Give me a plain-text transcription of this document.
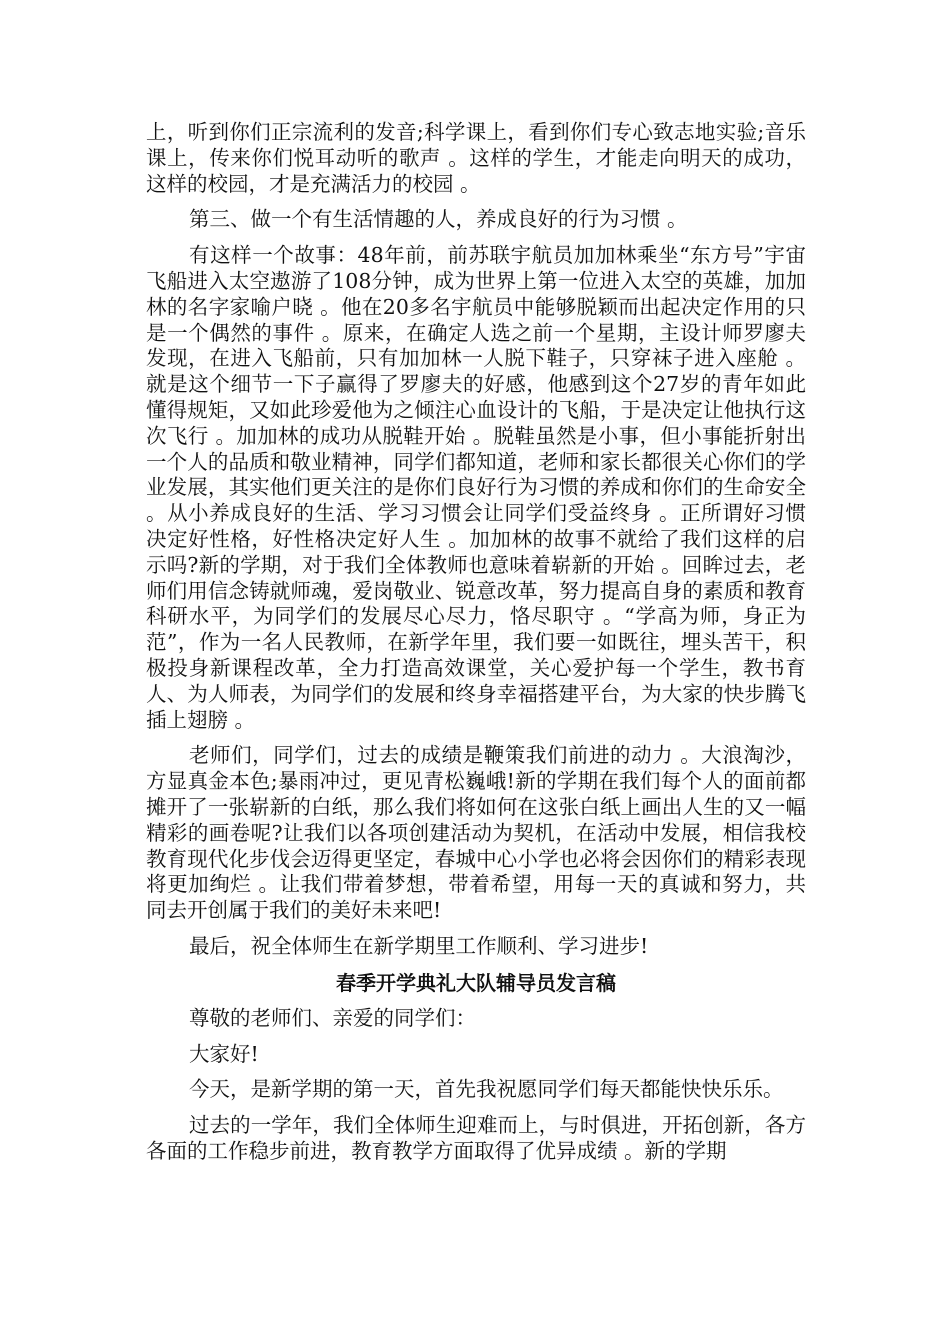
上，听到你们正宗流利的发音;科学课上，看到你们专心致志地实验;音乐课上，传来你们悦耳动听的歌声 。这样的学生，才能走向明天的成功，这样的校园，才是充满活力的校园 。

第三、做一个有生活情趣的人，养成良好的行为习惯 。

有这样一个故事：48年前，前苏联宇航员加加林乘坐“东方号”宇宙飞船进入太空遨游了108分钟，成为世界上第一位进入太空的英雄，加加林的名字家喻户晓 。他在20多名宇航员中能够脱颖而出起决定作用的只是一个偶然的事件 。原来，在确定人选之前一个星期，主设计师罗廖夫发现，在进入飞船前，只有加加林一人脱下鞋子，只穿袜子进入座舱 。就是这个细节一下子赢得了罗廖夫的好感，他感到这个27岁的青年如此懂得规矩，又如此珍爱他为之倾注心血设计的飞船，于是决定让他执行这次飞行 。加加林的成功从脱鞋开始 。脱鞋虽然是小事，但小事能折射出一个人的品质和敬业精神，同学们都知道，老师和家长都很关心你们的学业发展，其实他们更关注的是你们良好行为习惯的养成和你们的生命安全 。从小养成良好的生活、学习习惯会让同学们受益终身 。正所谓好习惯决定好性格，好性格决定好人生 。加加林的故事不就给了我们这样的启示吗?新的学期，对于我们全体教师也意味着崭新的开始 。回眸过去，老师们用信念铸就师魂，爱岗敬业、锐意改革，努力提高自身的素质和教育科研水平，为同学们的发展尽心尽力，恪尽职守 。“学高为师，身正为范”，作为一名人民教师，在新学年里，我们要一如既往，埋头苦干，积极投身新课程改革，全力打造高效课堂，关心爱护每一个学生，教书育人、为人师表，为同学们的发展和终身幸福搭建平台，为大家的快步腾飞插上翅膀 。

老师们，同学们，过去的成绩是鞭策我们前进的动力 。大浪淘沙，方显真金本色;暴雨冲过，更见青松巍峨!新的学期在我们每个人的面前都摊开了一张崭新的白纸，那么我们将如何在这张白纸上画出人生的又一幅精彩的画卷呢?让我们以各项创建活动为契机，在活动中发展，相信我校教育现代化步伐会迈得更坚定，春城中心小学也必将会因你们的精彩表现将更加绚烂 。让我们带着梦想，带着希望，用每一天的真诚和努力，共同去开创属于我们的美好未来吧!

最后，祝全体师生在新学期里工作顺利、学习进步!

春季开学典礼大队辅导员发言稿

尊敬的老师们、亲爱的同学们：

大家好!

今天，是新学期的第一天，首先我祝愿同学们每天都能快快乐乐。

过去的一学年，我们全体师生迎难而上，与时俱进，开拓创新，各方各面的工作稳步前进，教育教学方面取得了优异成绩 。新的学期
